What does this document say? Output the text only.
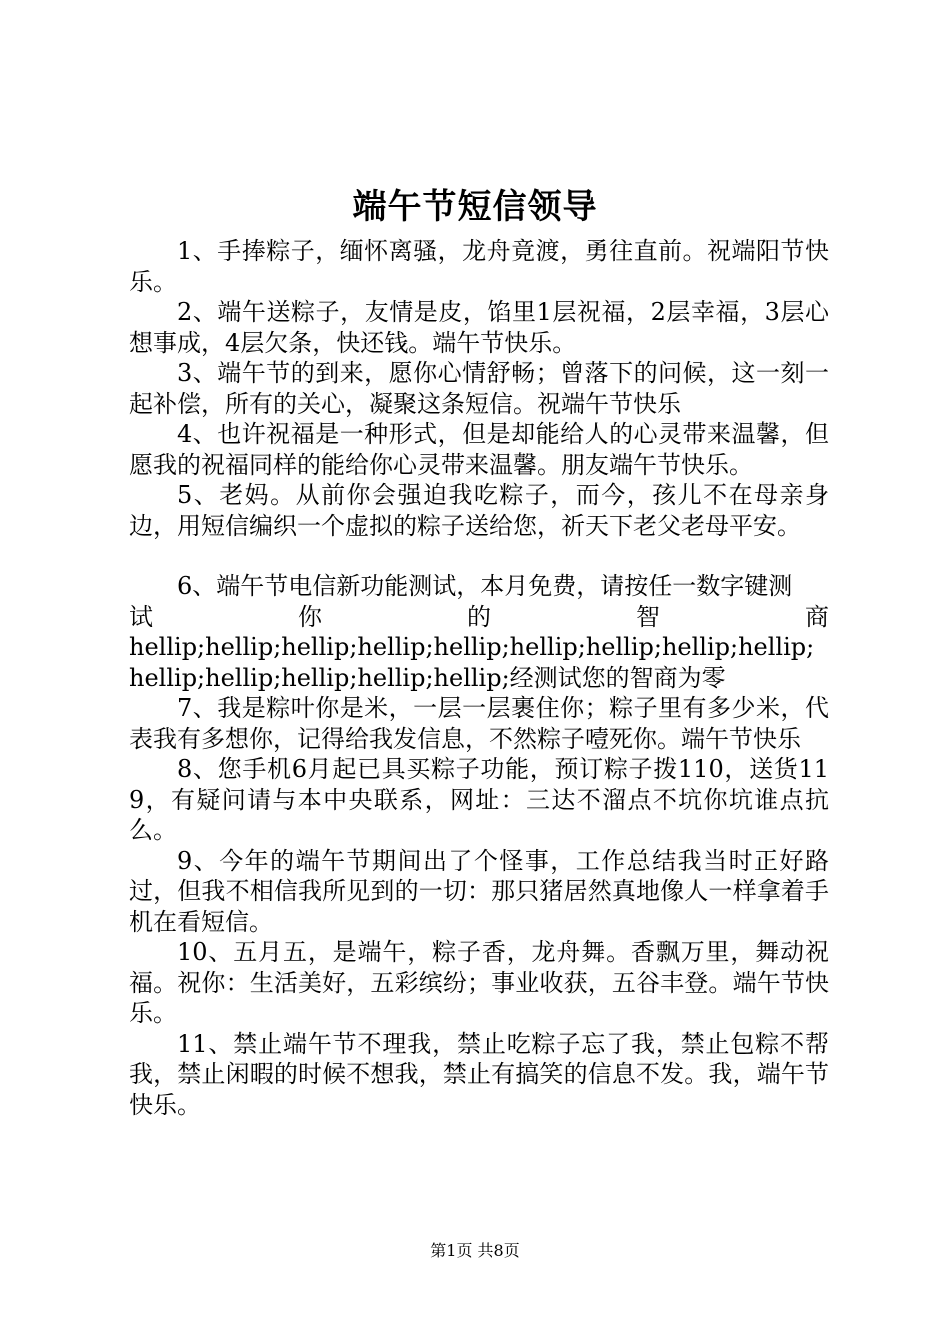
端午节短信领导

1、手捧粽子，缅怀离骚，龙舟竟渡，勇往直前。祝端阳节快乐。

2、端午送粽子，友情是皮，馅里1层祝福，2层幸福，3层心想事成，4层欠条，快还钱。端午节快乐。

3、端午节的到来，愿你心情舒畅；曾落下的问候，这一刻一起补偿，所有的关心，凝聚这条短信。祝端午节快乐

4、也许祝福是一种形式，但是却能给人的心灵带来温馨，但愿我的祝福同样的能给你心灵带来温馨。朋友端午节快乐。

5、老妈。从前你会强迫我吃粽子，而今，孩儿不在母亲身边，用短信编织一个虚拟的粽子送给您，祈天下老父老母平安。

6、端午节电信新功能测试，本月免费，请按任一数字键测
试	你	的	智	商
hellip;hellip;hellip;hellip;hellip;hellip;hellip;hellip;hellip;hellip;hellip;hellip;hellip;hellip;经测试您的智商为零

7、我是粽叶你是米，一层一层裹住你；粽子里有多少米，代表我有多想你，记得给我发信息，不然粽子噎死你。端午节快乐

8、您手机6月起已具买粽子功能，预订粽子拨110，送货119，有疑问请与本中央联系，网址：三达不溜点不坑你坑谁点抗么。

9、今年的端午节期间出了个怪事，工作总结我当时正好路过，但我不相信我所见到的一切：那只猪居然真地像人一样拿着手机在看短信。

10、五月五，是端午，粽子香，龙舟舞。香飘万里，舞动祝福。祝你：生活美好，五彩缤纷；事业收获，五谷丰登。端午节快乐。

11、禁止端午节不理我，禁止吃粽子忘了我，禁止包粽不帮我，禁止闲暇的时候不想我，禁止有搞笑的信息不发。我，端午节快乐。

第1页 共8页
